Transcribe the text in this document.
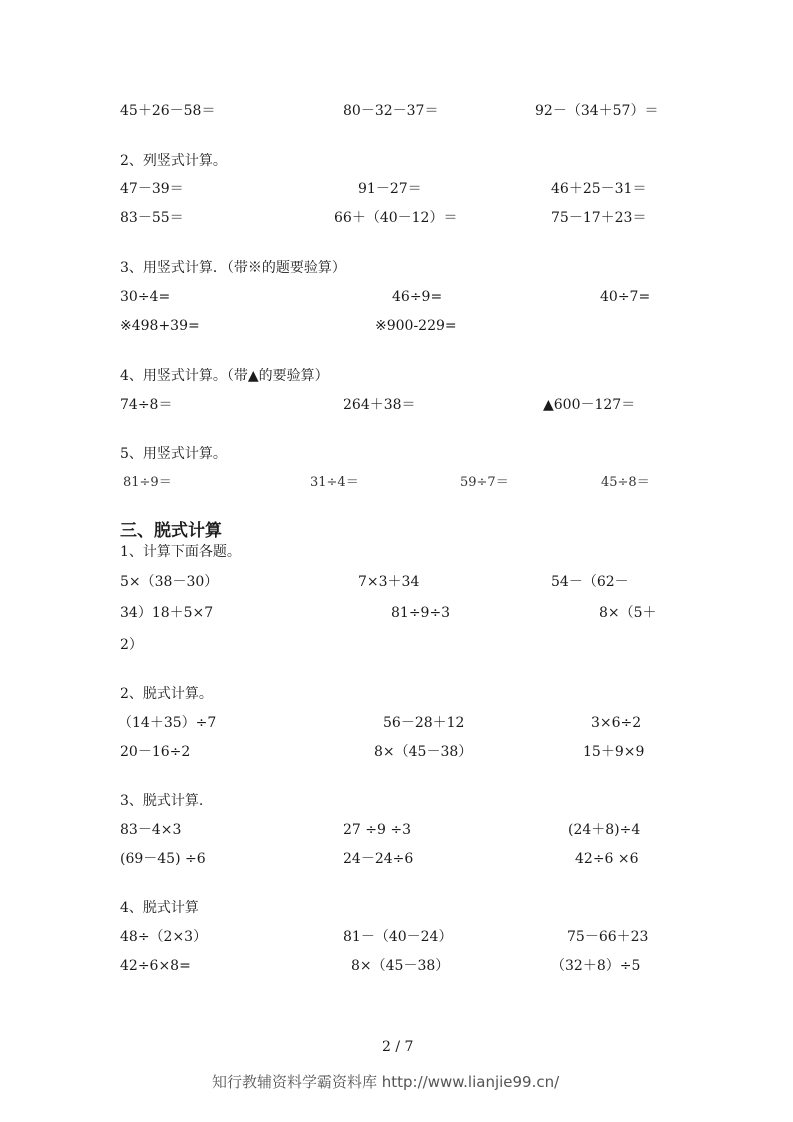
45＋26－58＝	80－32－37＝	92－（34＋57）＝
2、列竖式计算。
47－39＝	91－27＝	46＋25－31＝
83－55＝	66＋（40－12）＝	75－17＋23＝
3、用竖式计算．（带※的题要验算）
30÷4=	46÷9=	40÷7=
※498+39=	※900-229=
4、用竖式计算。（带▲的要验算）
74÷8＝	264＋38＝	▲600－127＝
5、用竖式计算。
81÷9＝	31÷4＝	59÷7＝	45÷8＝
三、脱式计算
1、计算下面各题。
5×（38－30）	7×3＋34	54－（62－
34）18＋5×7	81÷9÷3	8×（5＋
2）
2、脱式计算。
（14＋35）÷7	56－28＋12	3×6÷2
20－16÷2	8×（45－38）	15＋9×9
3、脱式计算.
83－4×3	27 ÷9 ÷3	(24＋8)÷4
(69－45) ÷6	24－24÷6	42÷6 ×6
4、脱式计算
48÷（2×3）	81－（40－24）	75－66＋23
42÷6×8=	8×（45－38）	（32＋8）÷5
2 / 7
知行教辅资料学霸资料库 http://www.lianjie99.cn/
